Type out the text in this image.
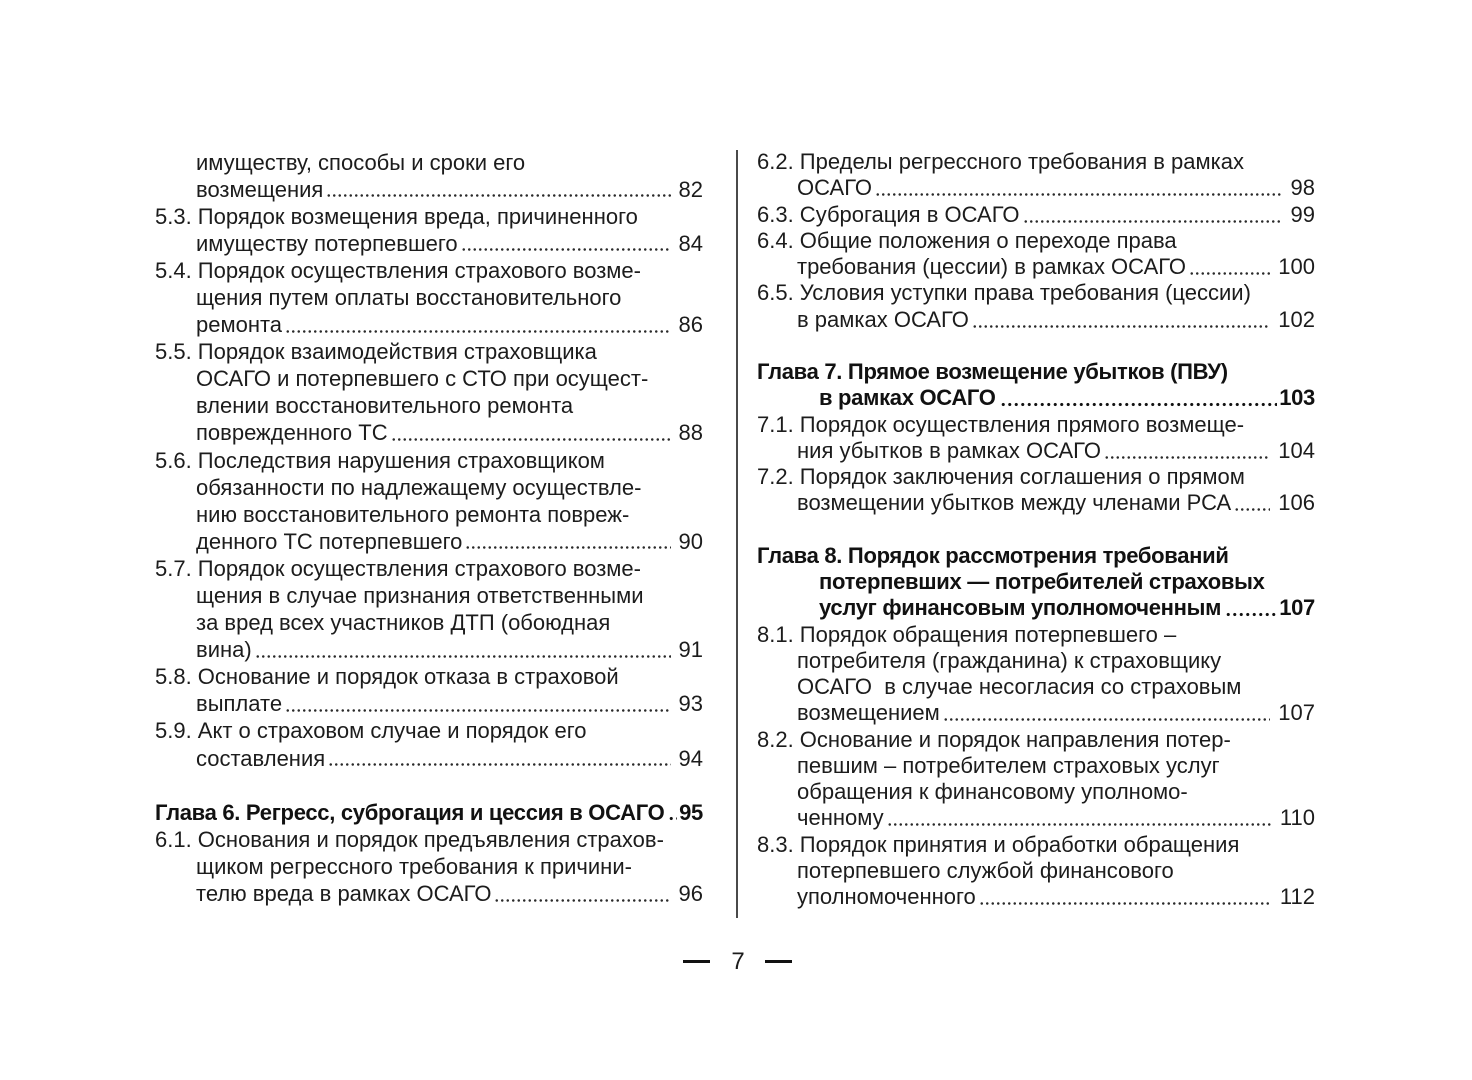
имуществу, способы и сроки его
возмещения	82
5.3. Порядок возмещения вреда, причиненного
имуществу потерпевшего	84
5.4. Порядок осуществления страхового возме-
щения путем оплаты восстановительного
ремонта	86
5.5. Порядок взаимодействия страховщика
ОСАГО и потерпевшего с СТО при осущест-
влении восстановительного ремонта
поврежденного ТС	88
5.6. Последствия нарушения страховщиком
обязанности по надлежащему осуществле-
нию восстановительного ремонта повреж-
денного ТС потерпевшего	90
5.7. Порядок осуществления страхового возме-
щения в случае признания ответственными
за вред всех участников ДТП (обоюдная
вина)	91
5.8. Основание и порядок отказа в страховой
выплате	93
5.9. Акт о страховом случае и порядок его
составления	94
Глава 6. Регресс, суброгация и цессия в ОСАГО 95
6.1. Основания и порядок предъявления страхов-
щиком регрессного требования к причини-
телю вреда в рамках ОСАГО	96
6.2. Пределы регрессного требования в рамках
ОСАГО	98
6.3. Суброгация в ОСАГО	99
6.4. Общие положения о переходе права
требования (цессии) в рамках ОСАГО	100
6.5. Условия уступки права требования (цессии)
в рамках ОСАГО	102
Глава 7. Прямое возмещение убытков (ПВУ)
в рамках ОСАГО	103
7.1. Порядок осуществления прямого возмеще-
ния убытков в рамках ОСАГО	104
7.2. Порядок заключения соглашения о прямом
возмещении убытков между членами РСА 106
Глава 8. Порядок рассмотрения требований
потерпевших — потребителей страховых
услуг финансовым уполномоченным	107
8.1. Порядок обращения потерпевшего –
потребителя (гражданина) к страховщику
ОСАГО  в случае несогласия со страховым
возмещением	107
8.2. Основание и порядок направления потер-
певшим – потребителем страховых услуг
обращения к финансовому уполномо-
ченному	110
8.3. Порядок принятия и обработки обращения
потерпевшего службой финансового
уполномоченного	112
7
